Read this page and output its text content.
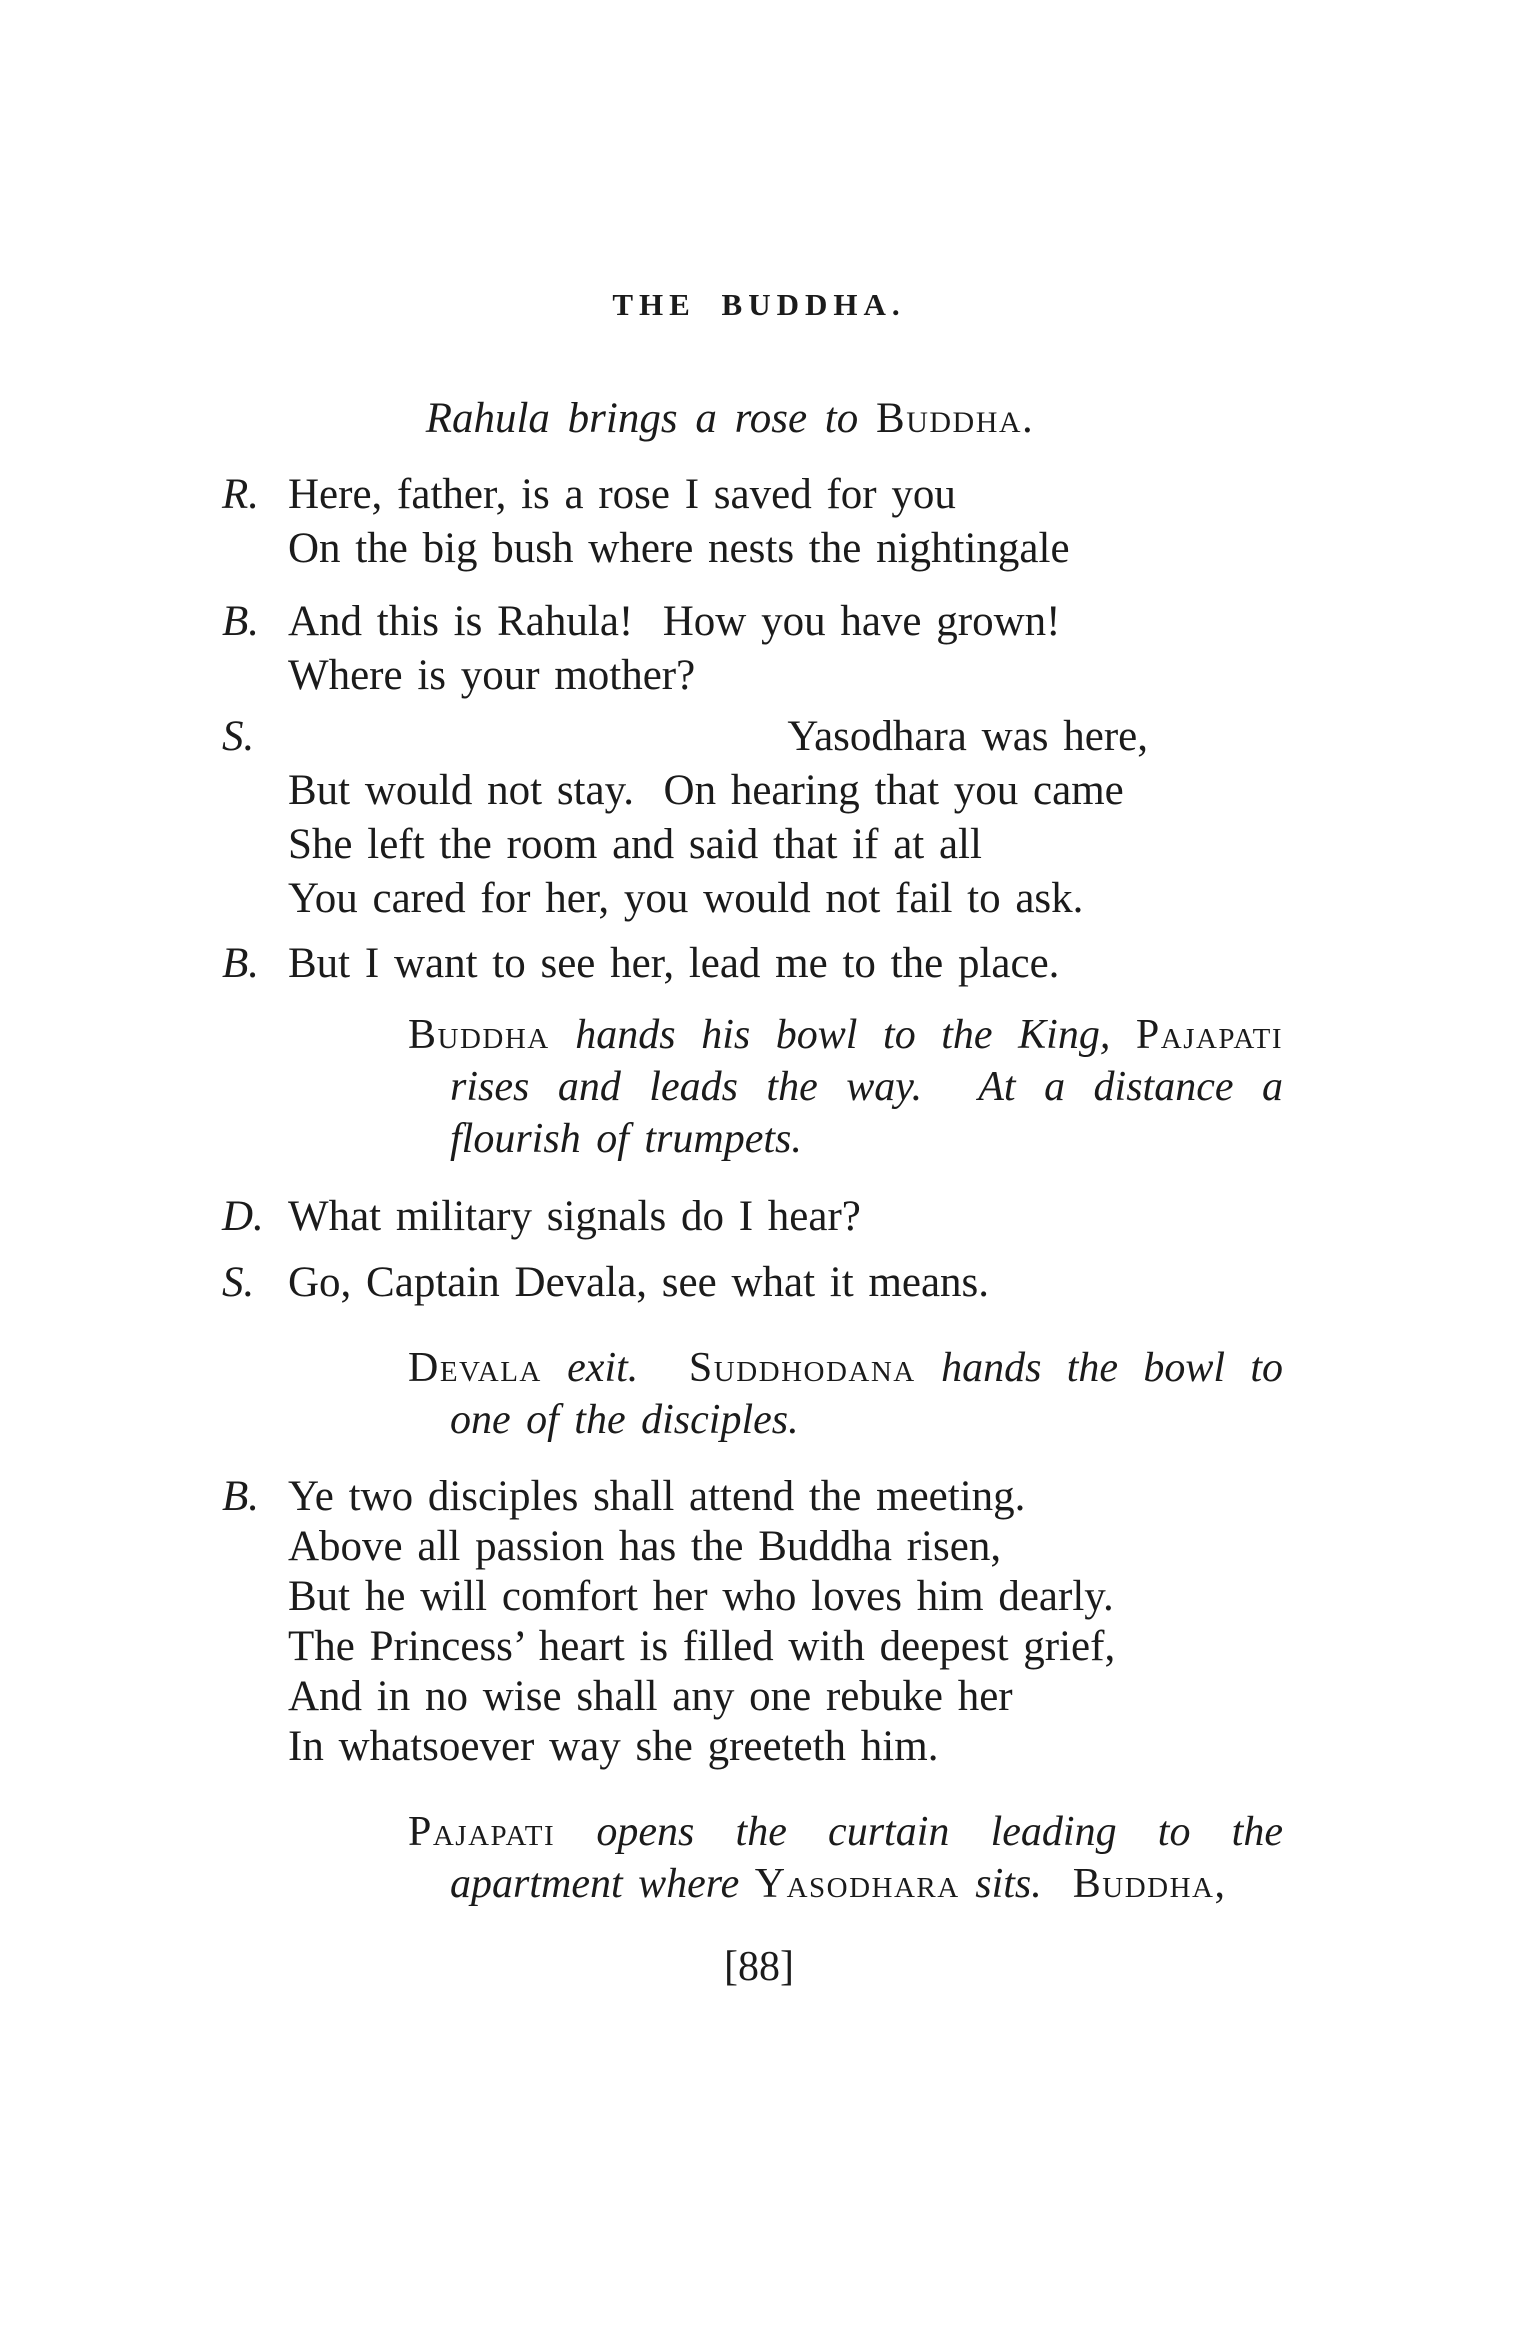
THE BUDDHA.
Rahula brings a rose to Buddha.
R. Here, father, is a rose I saved for you
On the big bush where nests the nightingale
B. And this is Rahula!  How you have grown!
Where is your mother?
S.	Yasodhara was here,
But would not stay.  On hearing that you came
She left the room and said that if at all
You cared for her, you would not fail to ask.
B. But I want to see her, lead me to the place.
Buddha hands his bowl to the King, Pajapati
rises and leads the way.  At a distance a
flourish of trumpets.
D. What military signals do I hear?
S. Go, Captain Devala, see what it means.
Devala exit.  Suddhodana hands the bowl to
one of the disciples.
B. Ye two disciples shall attend the meeting.
Above all passion has the Buddha risen,
But he will comfort her who loves him dearly.
The Princess’ heart is filled with deepest grief,
And in no wise shall any one rebuke her
In whatsoever way she greeteth him.
Pajapati opens the curtain leading to the
apartment where Yasodhara sits.  Buddha,
[88]
